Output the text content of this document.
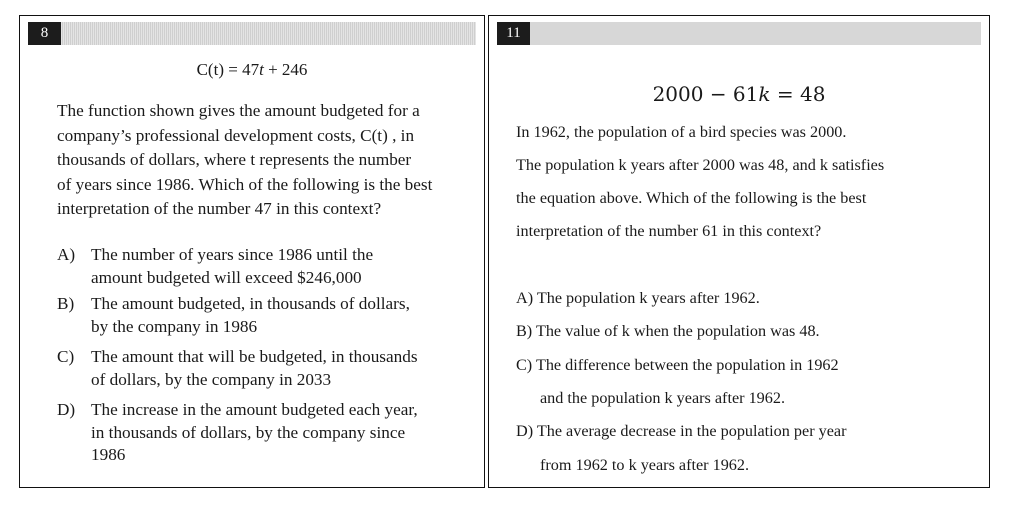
8
C(t) = 47t + 246
The function shown gives the amount budgeted for a
company’s professional development costs, C(t) , in
thousands of dollars, where t represents the number
of years since 1986. Which of the following is the best
interpretation of the number 47 in this context?
A) The number of years since 1986 until the
amount budgeted will exceed $246,000
B) The amount budgeted, in thousands of dollars,
by the company in 1986
C) The amount that will be budgeted, in thousands
of dollars, by the company in 2033
D) The increase in the amount budgeted each year,
in thousands of dollars, by the company since
1986
11
2000 − 61k = 48
In 1962, the population of a bird species was 2000.
The population k years after 2000 was 48, and k satisfies
the equation above. Which of the following is the best
interpretation of the number 61 in this context?
A) The population k years after 1962.
B) The value of k when the population was 48.
C) The difference between the population in 1962
and the population k years after 1962.
D) The average decrease in the population per year
from 1962 to k years after 1962.
